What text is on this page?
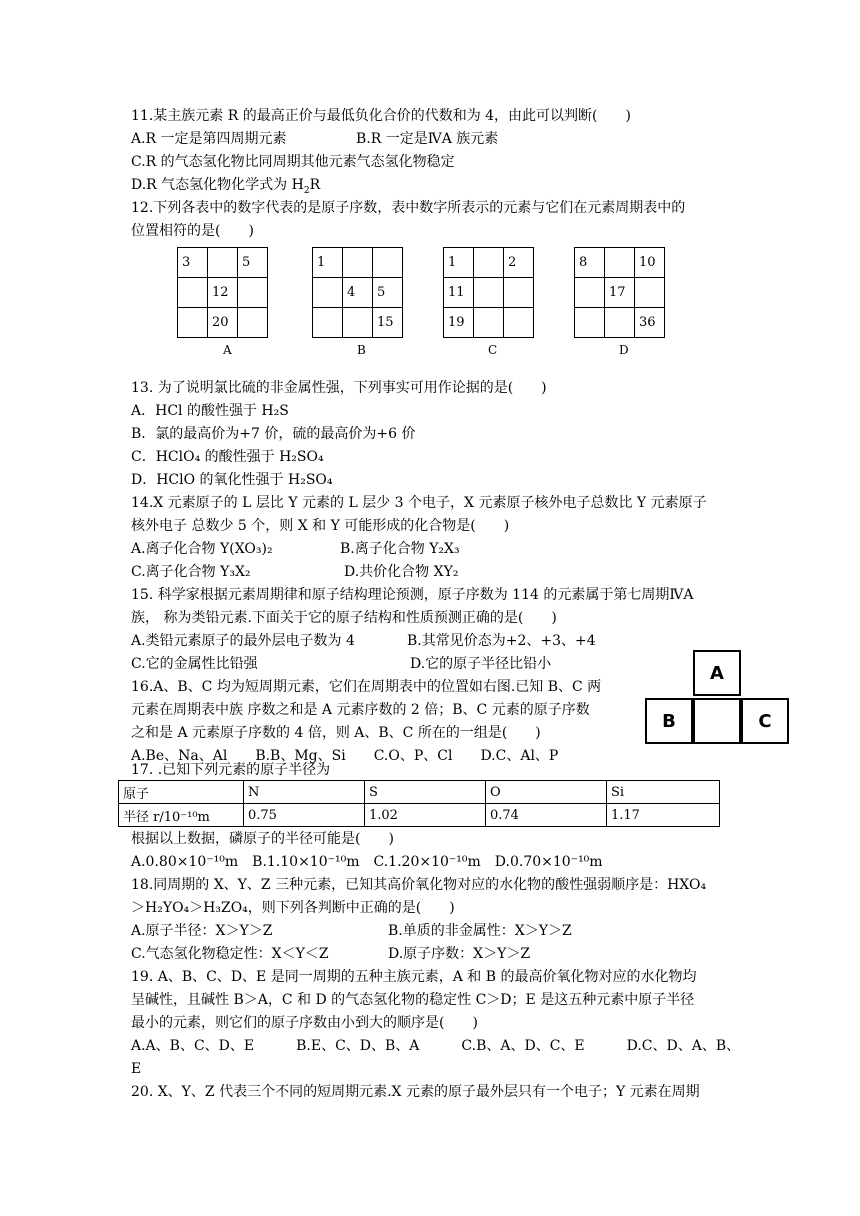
11.某主族元素 R 的最高正价与最低负化合价的代数和为 4，由此可以判断(　　)
A.R 一定是第四周期元素	B.R 一定是ⅣA 族元素
C.R 的气态氢化物比同周期其他元素气态氢化物稳定
D.R 气态氢化物化学式为 $H_2R$
12.下列各表中的数字代表的是原子序数，表中数字所表示的元素与它们在元素周期表中的
位置相符的是(　　)
3		5
	12	
	20	
A
1		
	4	5
		15
B
1		2
11		
19		
C
8		10
	17	
		36
D
13. 为了说明氯比硫的非金属性强，下列事实可用作论据的是(　　)
A．HCl 的酸性强于 H₂S
B．氯的最高价为+7 价，硫的最高价为+6 价
C．HClO₄ 的酸性强于 H₂SO₄
D．HClO 的氧化性强于 H₂SO₄
14.X 元素原子的 L 层比 Y 元素的 L 层少 3 个电子，X 元素原子核外电子总数比 Y 元素原子
核外电子 总数少 5 个，则 X 和 Y 可能形成的化合物是(　　)
A.离子化合物 Y(XO₃)₂	B.离子化合物 Y₂X₃
C.离子化合物 Y₃X₂	D.共价化合物 XY₂
15. 科学家根据元素周期律和原子结构理论预测，原子序数为 114 的元素属于第七周期ⅣA
族， 称为类铅元素.下面关于它的原子结构和性质预测正确的是(　　)
A.类铅元素原子的最外层电子数为 4	B.其常见价态为+2、+3、+4
C.它的金属性比铅强	D.它的原子半径比铅小
16.A、B、C 均为短周期元素，它们在周期表中的位置如右图.已知 B、C 两
元素在周期表中族 序数之和是 A 元素序数的 2 倍；B、C 元素的原子序数
之和是 A 元素原子序数的 4 倍，则 A、B、C 所在的一组是(　　)
A.Be、Na、Al　　B.B、Mg、Si　　C.O、P、Cl　　D.C、Al、P
A
B	C
17. .已知下列元素的原子半径为
原子	N	S	O	Si
半径 r/10⁻¹⁰m	0.75	1.02	0.74	1.17
根据以上数据，磷原子的半径可能是(　　)
A.0.80×10⁻¹⁰m　B.1.10×10⁻¹⁰m　C.1.20×10⁻¹⁰m　D.0.70×10⁻¹⁰m
18.同周期的 X、Y、Z 三种元素，已知其高价氧化物对应的水化物的酸性强弱顺序是：HXO₄
＞H₂YO₄＞H₃ZO₄，则下列各判断中正确的是(　　)
A.原子半径：X＞Y＞Z	B.单质的非金属性：X＞Y＞Z
C.气态氢化物稳定性：X＜Y＜Z	D.原子序数：X＞Y＞Z
19. A、B、C、D、E 是同一周期的五种主族元素，A 和 B 的最高价氧化物对应的水化物均
呈碱性，且碱性 B＞A，C 和 D 的气态氢化物的稳定性 C＞D；E 是这五种元素中原子半径
最小的元素，则它们的原子序数由小到大的顺序是(　　)
A.A、B、C、D、E　　　B.E、C、D、B、A　　　C.B、A、D、C、E　　　D.C、D、A、B、
E
20. X、Y、Z 代表三个不同的短周期元素.X 元素的原子最外层只有一个电子；Y 元素在周期
